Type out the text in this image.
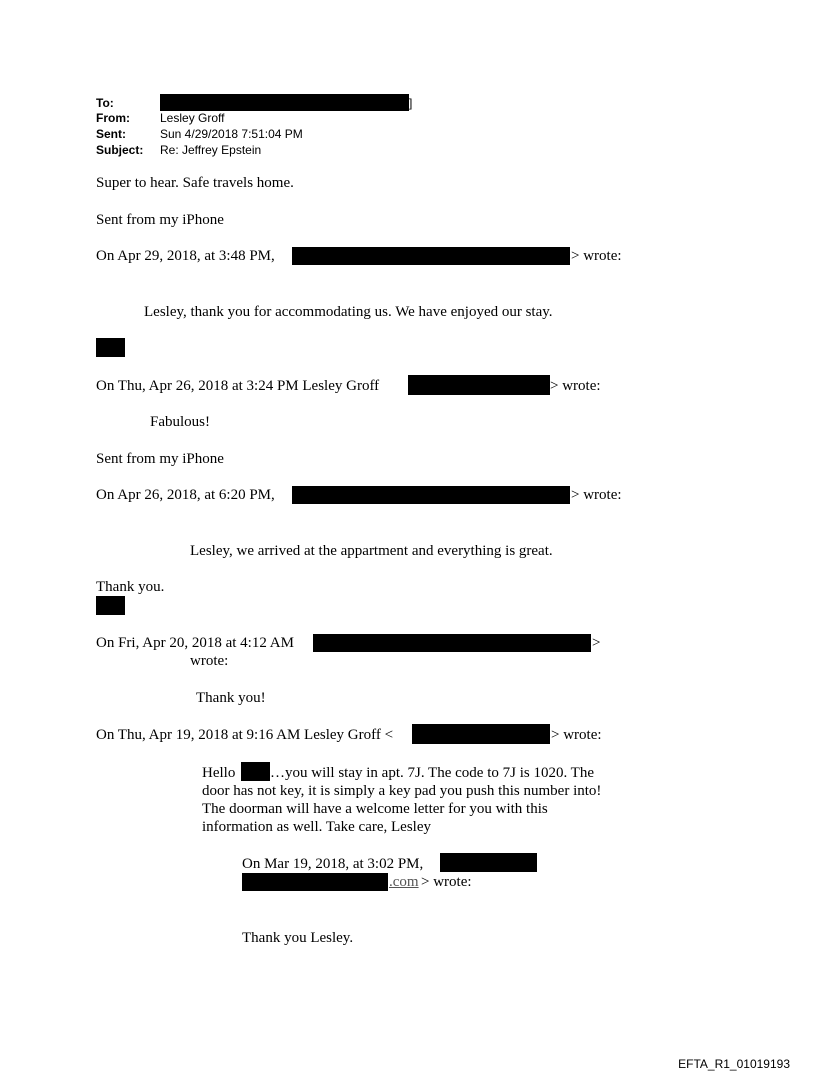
To:	]
From:	Lesley Groff
Sent:	Sun 4/29/2018 7:51:04 PM
Subject: Re: Jeffrey Epstein
Super to hear. Safe travels home.
Sent from my iPhone
On Apr 29, 2018, at 3:48 PM,	> wrote:
Lesley, thank you for accommodating us. We have enjoyed our stay.
On Thu, Apr 26, 2018 at 3:24 PM Lesley Groff	> wrote:
Fabulous!
Sent from my iPhone
On Apr 26, 2018, at 6:20 PM,	> wrote:
Lesley, we arrived at the appartment and everything is great.
Thank you.
On Fri, Apr 20, 2018 at 4:12 AM	>
wrote:
Thank you!
On Thu, Apr 19, 2018 at 9:16 AM Lesley Groff <	> wrote:
Hello …you will stay in apt. 7J. The code to 7J is 1020. The
door has not key, it is simply a key pad you push this number into!
The doorman will have a welcome letter for you with this
information as well. Take care, Lesley
On Mar 19, 2018, at 3:02 PM,
.com > wrote:
Thank you Lesley.
EFTA_R1_01019193
